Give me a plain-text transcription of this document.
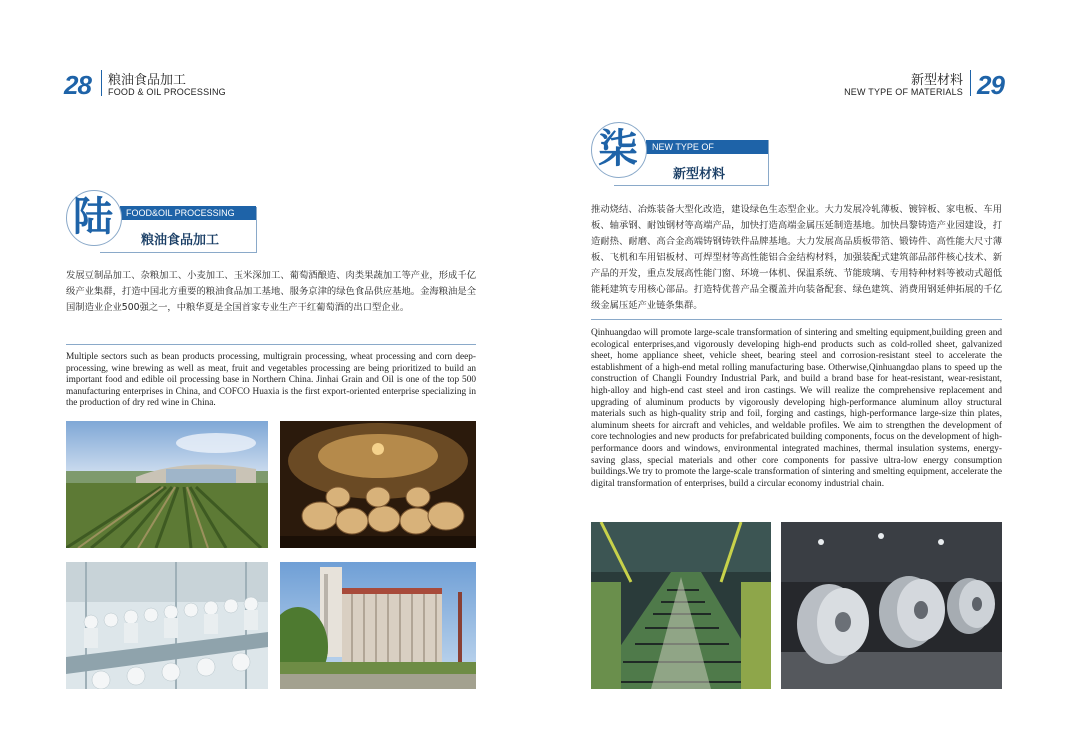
28 粮油食品加工
FOOD & OIL PROCESSING
FOOD&OIL PROCESSING
粮油食品加工
陆
发展豆制品加工、杂粮加工、小麦加工、玉米深加工、葡萄酒酿造、肉类果蔬加工等产业，形成千亿级产业集群，打造中国北方重要的粮油食品加工基地、服务京津的绿色食品供应基地。金海粮油是全国制造业企业500强之一，中粮华夏是全国首家专业生产干红葡萄酒的出口型企业。
Multiple sectors such as bean products processing, multigrain processing, wheat processing and corn deep-processing, wine brewing as well as meat, fruit and vegetables processing are being prioritized to build an important food and edible oil processing base in Northern China. Jinhai Grain and Oil is one of the top 500 manufacturing enterprises in China, and COFCO Huaxia is the first export-oriented enterprise specializing in the production of dry red wine in China.
新型材料
NEW TYPE OF MATERIALS 29
NEW TYPE OF MATERIALS
新型材料
柒
推动烧结、冶炼装备大型化改造，建设绿色生态型企业。大力发展冷轧薄板、镀锌板、家电板、车用板、轴承钢、耐蚀钢材等高端产品，加快打造高端金属压延制造基地。加快昌黎铸造产业园建设，打造耐热、耐磨、高合金高端铸钢铸铁件品牌基地。大力发展高品质板带箔、锻铸件、高性能大尺寸薄板、飞机和车用铝板材、可焊型材等高性能铝合金结构材料，加强装配式建筑部品部件核心技术、新产品的开发，重点发展高性能门窗、环境一体机、保温系统、节能玻璃、专用特种材料等被动式超低能耗建筑专用核心部品。打造特优普产品全覆盖并向装备配套、绿色建筑、消费用钢延伸拓展的千亿级金属压延产业链条集群。
Qinhuangdao will promote large-scale transformation of sintering and smelting equipment,building green and ecological enterprises,and vigorously developing high-end products such as cold-rolled sheet, galvanized sheet, home appliance sheet, vehicle sheet, bearing steel and corrosion-resistant steel to accelerate the establishment of a high-end metal rolling manufacturing base. Otherwise,Qinhuangdao plans to speed up the construction of Changli Foundry Industrial Park, and build a brand base for heat-resistant, wear-resistant, high-alloy and high-end cast steel and iron castings. We will realize the comprehensive replacement and upgrading of aluminum products by vigorously developing high-performance aluminum alloy structural materials such as high-quality strip and foil, forging and castings, high-performance large-size thin plates, aluminum sheets for aircraft and vehicles, and weldable profiles. We aim to strengthen the development of core technologies and new products for prefabricated building components, focus on the development of high-performance doors and windows, environmental integrated machines, thermal insulation systems, energy-saving glass, special materials and other core components for passive ultra-low energy consumption buildings.We try to promote the large-scale transformation of sintering and smelting equipment, accelerate the digital transformation of enterprises, build a circular economy industrial chain.
